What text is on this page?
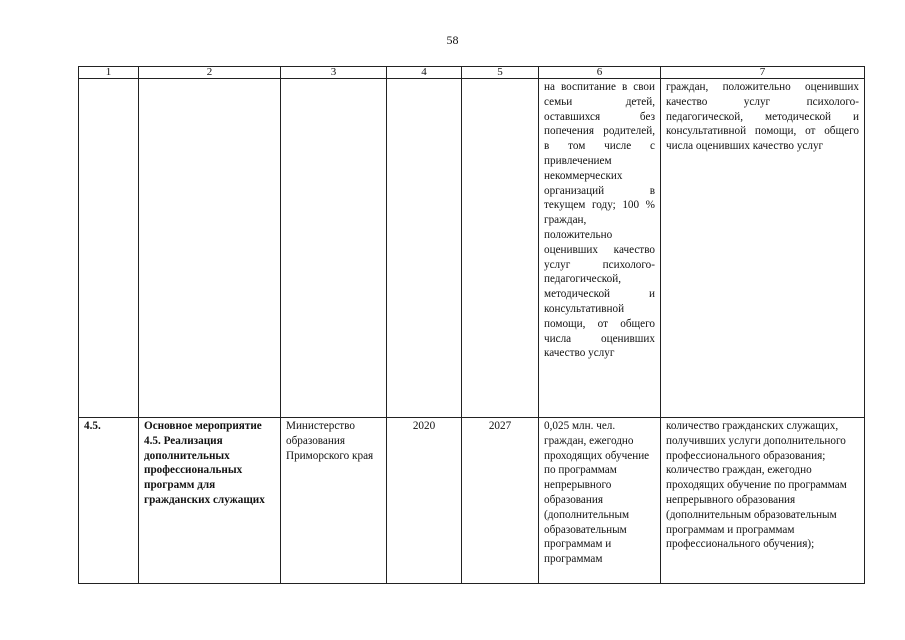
58
1	2	3	4	5	6	7
					на воспитание в свои семьи детей, оставшихся без попечения родителей, в том числе с привлечением некоммерческих организаций в текущем году; 100 % граждан, положительно оценивших качество услуг психолого-педагогической, методической и консультативной помощи, от общего числа оценивших качество услуг	граждан, положительно оценивших качество услуг психолого-педагогической, методической и консультативной помощи, от общего числа оценивших качество услуг
4.5.	Основное мероприятие 4.5. Реализация дополнительных профессиональных программ для гражданских служащих	Министерство образования Приморского края	2020	2027	0,025 млн. чел. граждан, ежегодно проходящих обучение по программам непрерывного образования (дополнительным образовательным программам и программам	количество гражданских служащих, получивших услуги дополнительного профессионального образования; количество граждан, ежегодно проходящих обучение по программам непрерывного образования (дополнительным образовательным программам и программам профессионального обучения);
